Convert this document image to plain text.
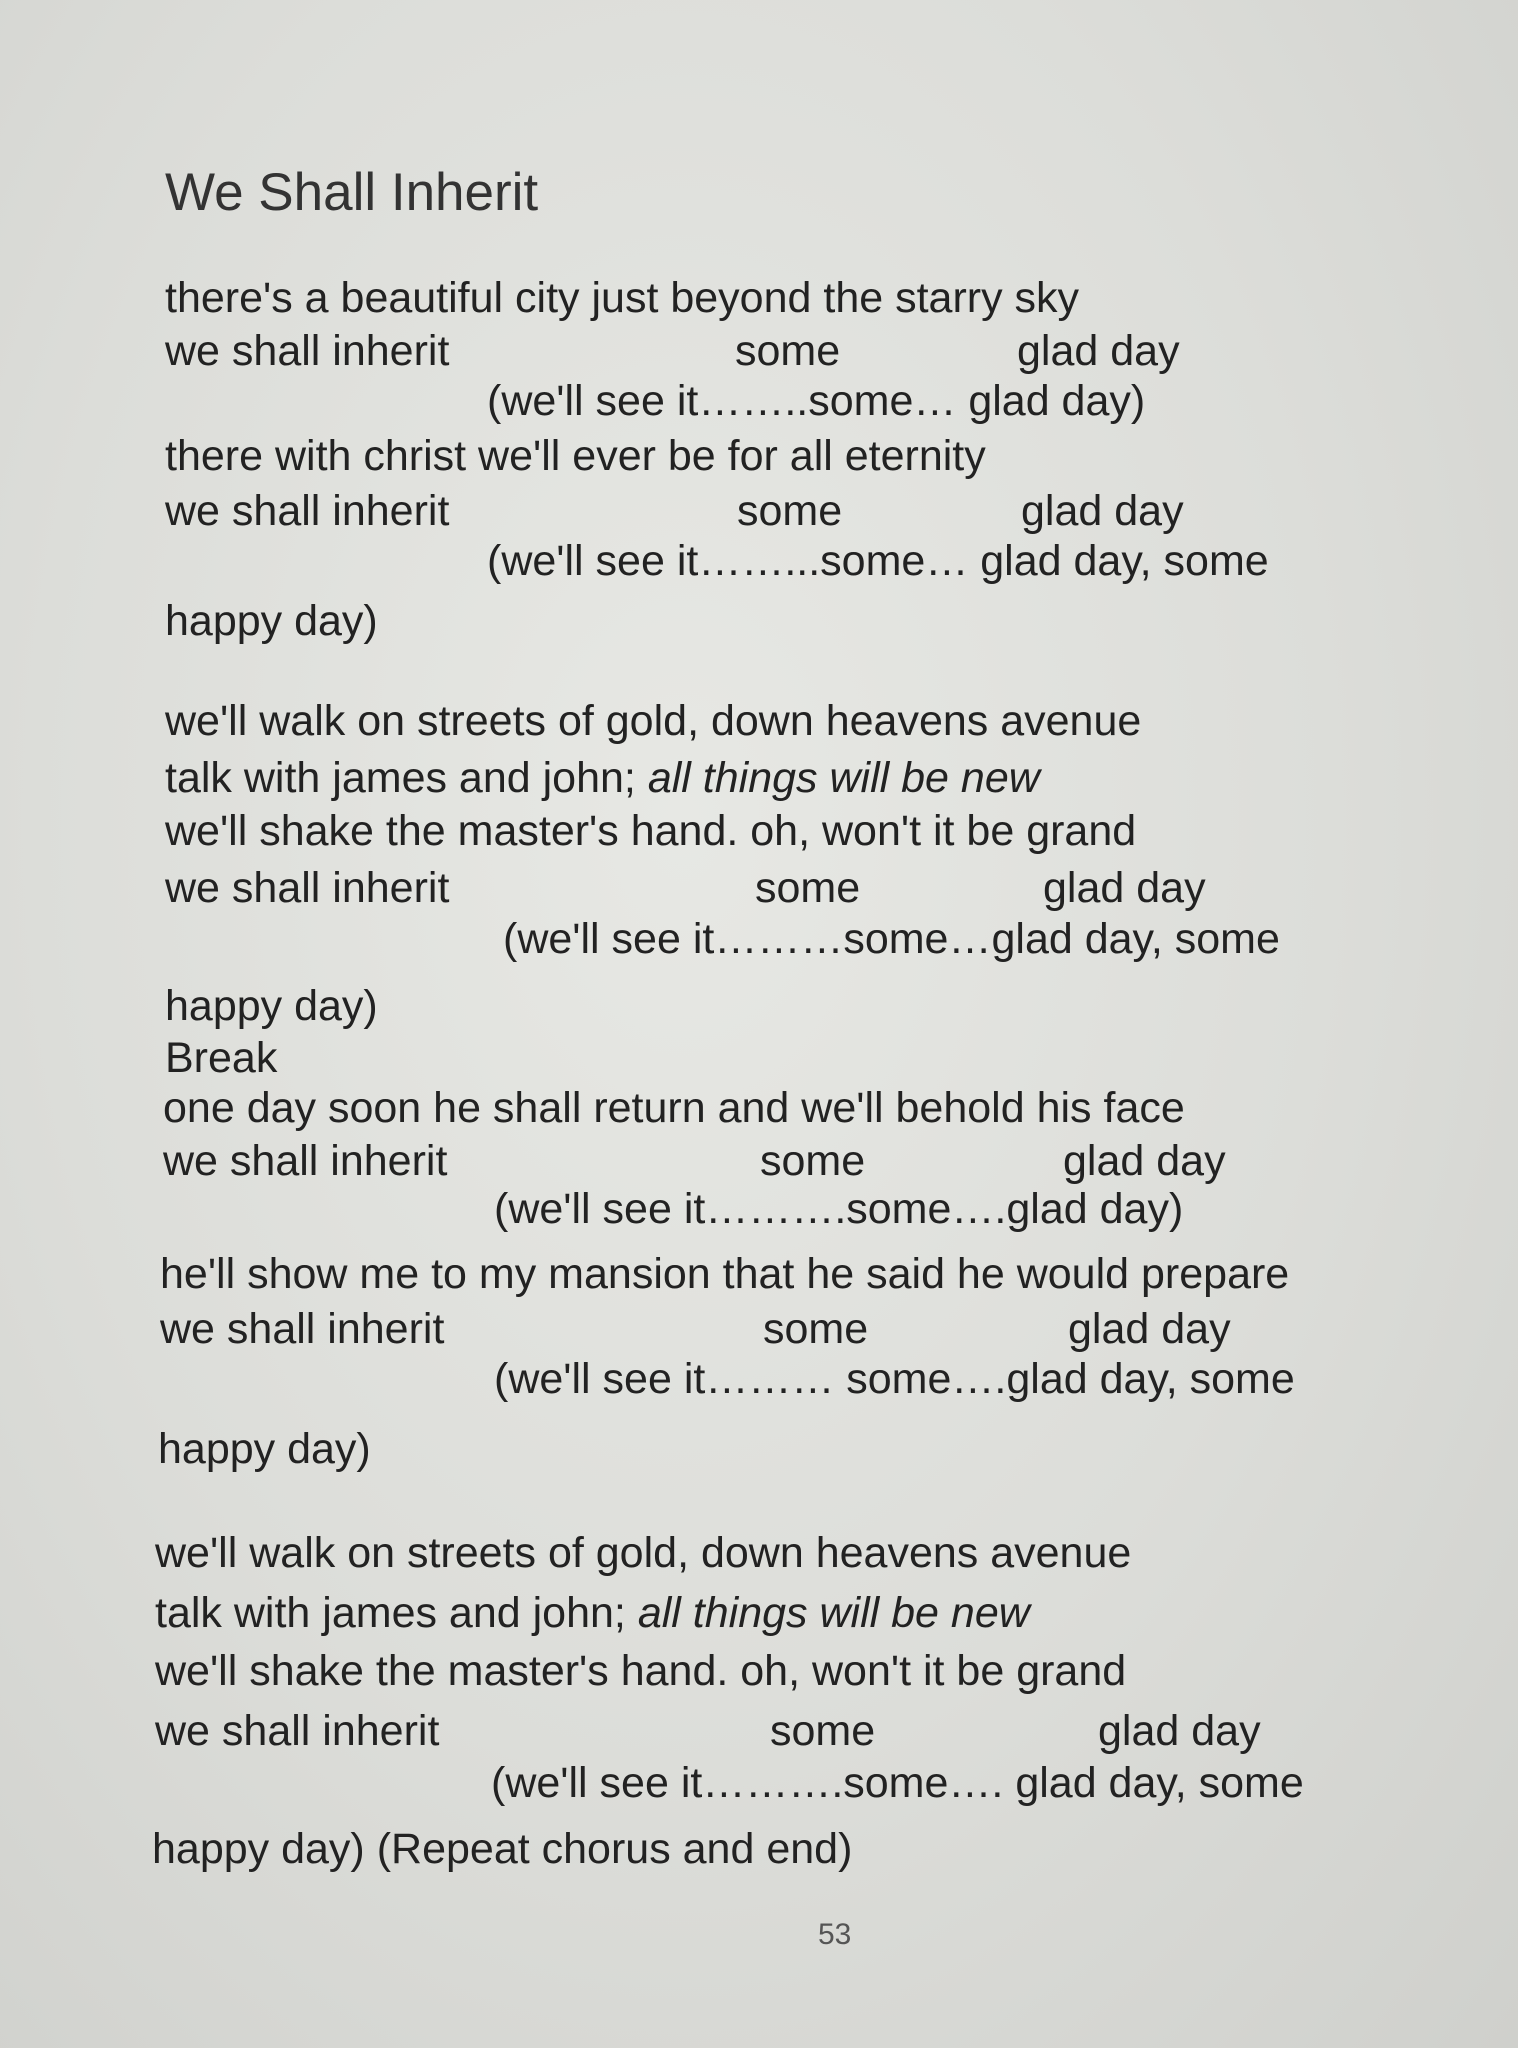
We Shall Inherit
there's a beautiful city just beyond the starry sky
we shall inherit	some	glad day
(we'll see it……..some… glad day)
there with christ we'll ever be for all eternity
we shall inherit	some	glad day
(we'll see it……...some… glad day, some
happy day)
we'll walk on streets of gold, down heavens avenue
talk with james and john; all things will be new
we'll shake the master's hand. oh, won't it be grand
we shall inherit	some	glad day
(we'll see it………some…glad day, some
happy day)
Break
one day soon he shall return and we'll behold his face
we shall inherit	some	glad day
(we'll see it……….some….glad day)
he'll show me to my mansion that he said he would prepare
we shall inherit	some	glad day
(we'll see it……… some….glad day, some
happy day)
we'll walk on streets of gold, down heavens avenue
talk with james and john; all things will be new
we'll shake the master's hand. oh, won't it be grand
we shall inherit	some	glad day
(we'll see it……….some…. glad day, some
happy day) (Repeat chorus and end)
53
